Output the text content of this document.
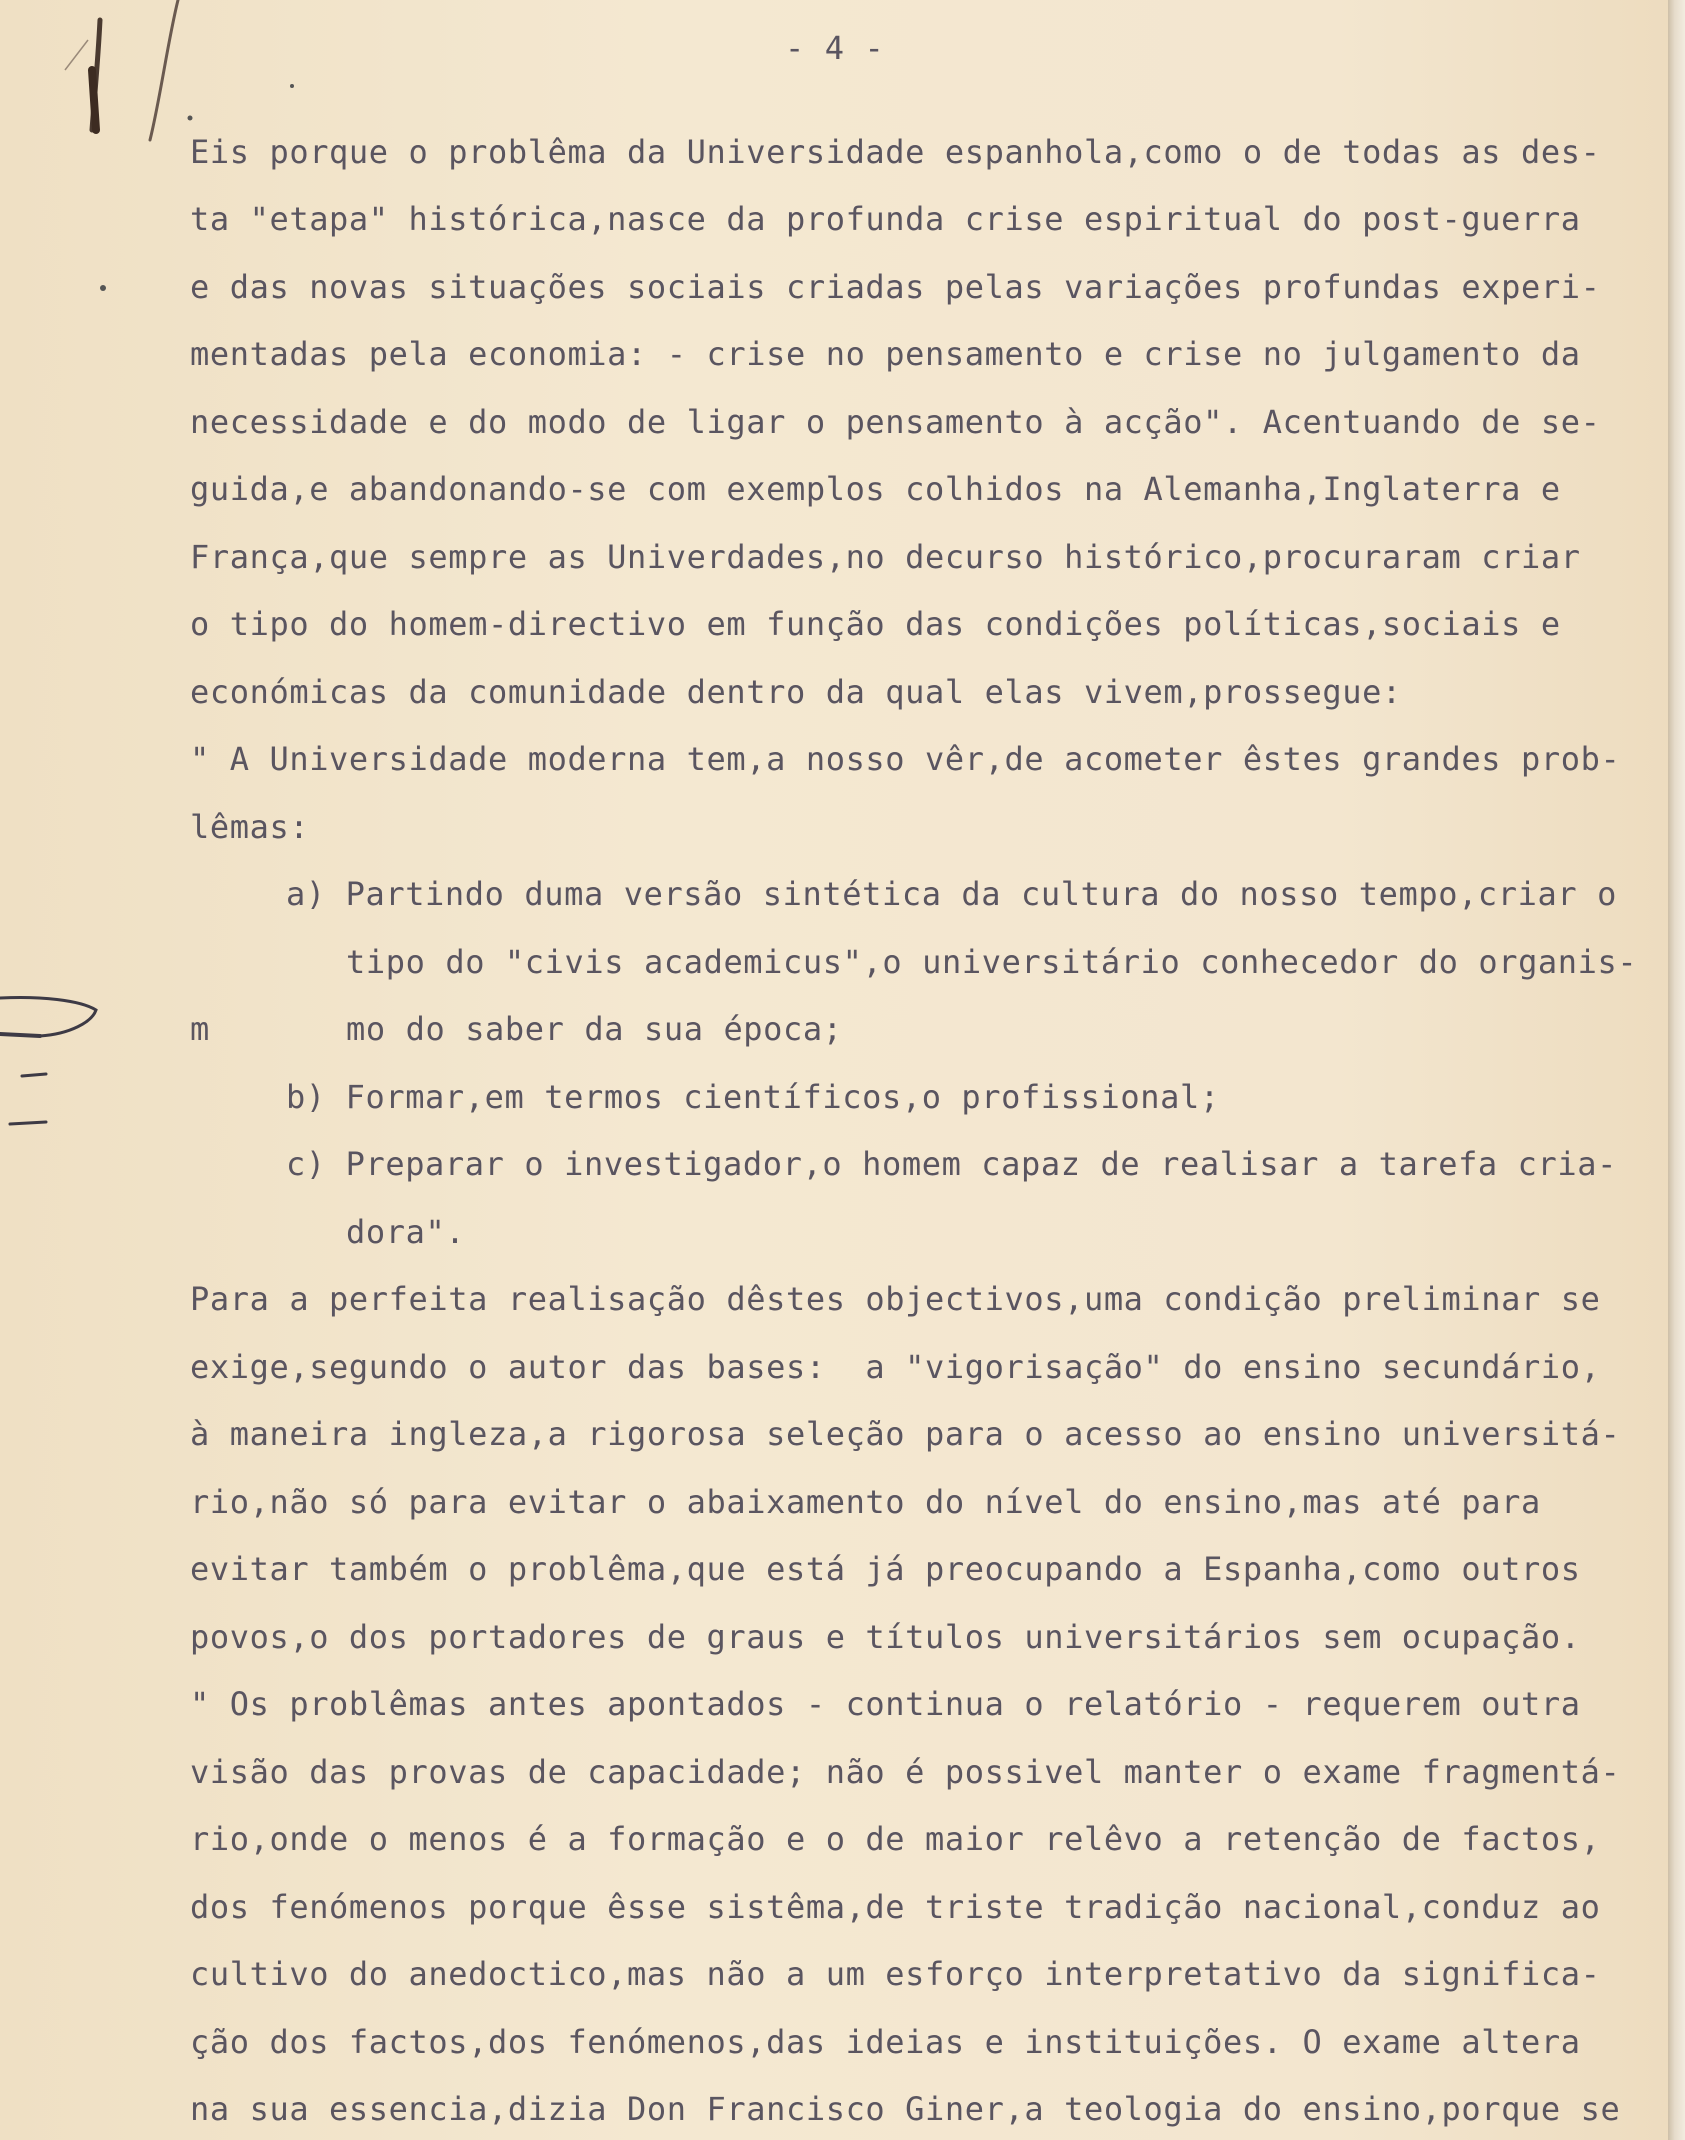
- 4 -
Eis porque o problêma da Universidade espanhola,como o de todas as des-
ta "etapa" histórica,nasce da profunda crise espiritual do post-guerra
e das novas situações sociais criadas pelas variações profundas experi-
mentadas pela economia: - crise no pensamento e crise no julgamento da
necessidade e do modo de ligar o pensamento à acção". Acentuando de se-
guida,e abandonando-se com exemplos colhidos na Alemanha,Inglaterra e
França,que sempre as Univerdades,no decurso histórico,procuraram criar
o tipo do homem-directivo em função das condições políticas,sociais e
económicas da comunidade dentro da qual elas vivem,prossegue:
" A Universidade moderna tem,a nosso vêr,de acometer êstes grandes prob-
lêmas:
a) Partindo duma versão sintética da cultura do nosso tempo,criar o
tipo do "civis academicus",o universitário conhecedor do organis-
m	mo do saber da sua época;
b) Formar,em termos científicos,o profissional;
c) Preparar o investigador,o homem capaz de realisar a tarefa cria-
dora".
Para a perfeita realisação dêstes objectivos,uma condição preliminar se
exige,segundo o autor das bases:  a "vigorisação" do ensino secundário,
à maneira ingleza,a rigorosa seleção para o acesso ao ensino universitá-
rio,não só para evitar o abaixamento do nível do ensino,mas até para
evitar também o problêma,que está já preocupando a Espanha,como outros
povos,o dos portadores de graus e títulos universitários sem ocupação.
" Os problêmas antes apontados - continua o relatório - requerem outra
visão das provas de capacidade; não é possivel manter o exame fragmentá-
rio,onde o menos é a formação e o de maior relêvo a retenção de factos,
dos fenómenos porque êsse sistêma,de triste tradição nacional,conduz ao
cultivo do anedoctico,mas não a um esforço interpretativo da significa-
ção dos factos,dos fenómenos,das ideias e instituições. O exame altera
na sua essencia,dizia Don Francisco Giner,a teologia do ensino,porque se
